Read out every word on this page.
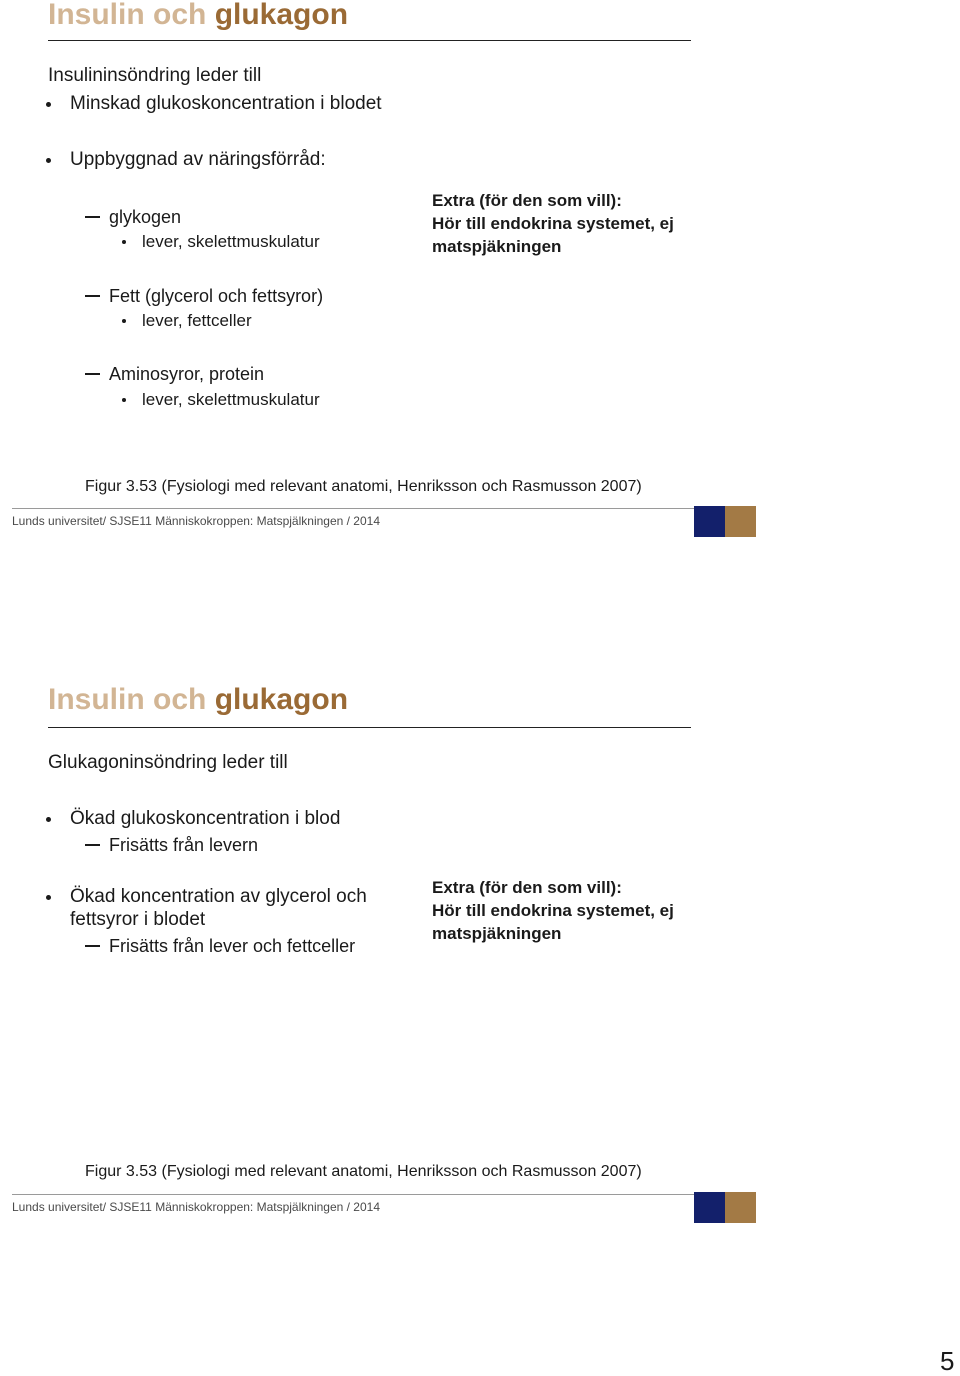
Insulin och glukagon
Insulininsöndring leder till
Minskad glukoskoncentration i blodet
Uppbyggnad av näringsförråd:
glykogen
lever, skelettmuskulatur
Fett (glycerol och fettsyror)
lever, fettceller
Aminosyror, protein
lever, skelettmuskulatur
Extra (för den som vill):
Hör till endokrina systemet, ej matspjäkningen
Figur 3.53 (Fysiologi med relevant anatomi, Henriksson och Rasmusson 2007)
Lunds universitet/ SJSE11 Människokroppen: Matspjälkningen / 2014
Insulin och glukagon
Glukagoninsöndring leder till
Ökad glukoskoncentration i blod
Frisätts från levern
Ökad koncentration av glycerol och
fettsyror i blodet
Frisätts från lever och fettceller
Extra (för den som vill):
Hör till endokrina systemet, ej matspjäkningen
Figur 3.53 (Fysiologi med relevant anatomi, Henriksson och Rasmusson 2007)
Lunds universitet/ SJSE11 Människokroppen: Matspjälkningen / 2014
5
